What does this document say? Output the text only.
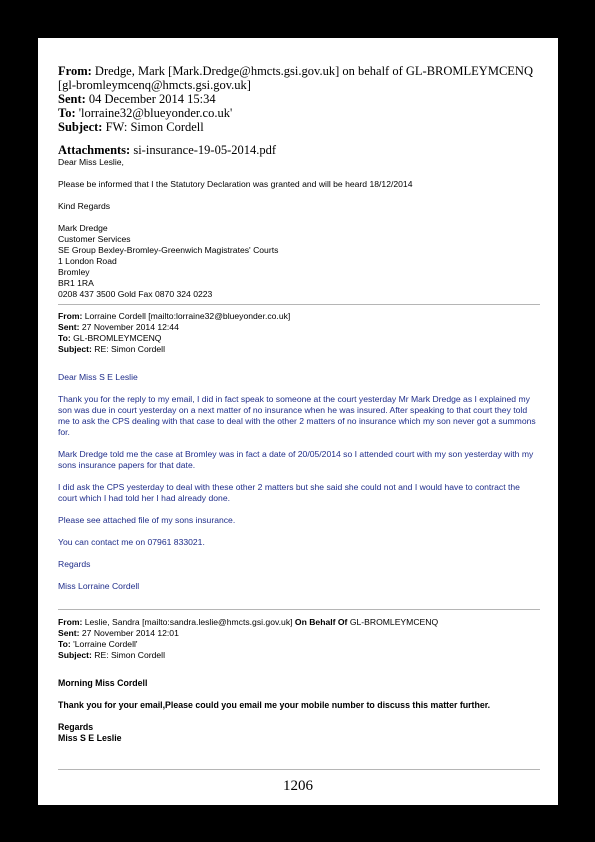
From: Dredge, Mark [Mark.Dredge@hmcts.gsi.gov.uk] on behalf of GL-BROMLEYMCENQ [gl-bromleymcenq@hmcts.gsi.gov.uk]
Sent: 04 December 2014 15:34
To: 'lorraine32@blueyonder.co.uk'
Subject: FW: Simon Cordell
Attachments: si-insurance-19-05-2014.pdf

Dear Miss Leslie,

Please be informed that I the Statutory Declaration was granted and will be heard 18/12/2014

Kind Regards

Mark Dredge

Customer Services

SE Group Bexley-Bromley-Greenwich Magistrates' Courts

1 London Road

Bromley

BR1 1RA

0208 437 3500 Gold Fax 0870 324 0223

From: Lorraine Cordell [mailto:lorraine32@blueyonder.co.uk]
Sent: 27 November 2014 12:44
To: GL-BROMLEYMCENQ
Subject: RE: Simon Cordell

Dear Miss S E Leslie

Thank you for the reply to my email, I did in fact speak to someone at the court yesterday Mr Mark Dredge as I explained my son was due in court yesterday on a next matter of no insurance when he was insured. After speaking to that court they told me to ask the CPS dealing with that case to deal with the other 2 matters of no insurance which my son never got a summons for.

Mark Dredge told me the case at Bromley was in fact a date of 20/05/2014 so I attended court with my son yesterday with my sons insurance papers for that date.

I did ask the CPS yesterday to deal with these other 2 matters but she said she could not and I would have to contract the court which I had told her I had already done.

Please see attached file of my sons insurance.

You can contact me on 07961 833021.

Regards

Miss Lorraine Cordell

From: Leslie, Sandra [mailto:sandra.leslie@hmcts.gsi.gov.uk] On Behalf Of GL-BROMLEYMCENQ
Sent: 27 November 2014 12:01
To: 'Lorraine Cordell'
Subject: RE: Simon Cordell

Morning Miss Cordell

Thank you for your email,Please could you email me your mobile number to discuss this matter further.

Regards

Miss S E Leslie

1206
